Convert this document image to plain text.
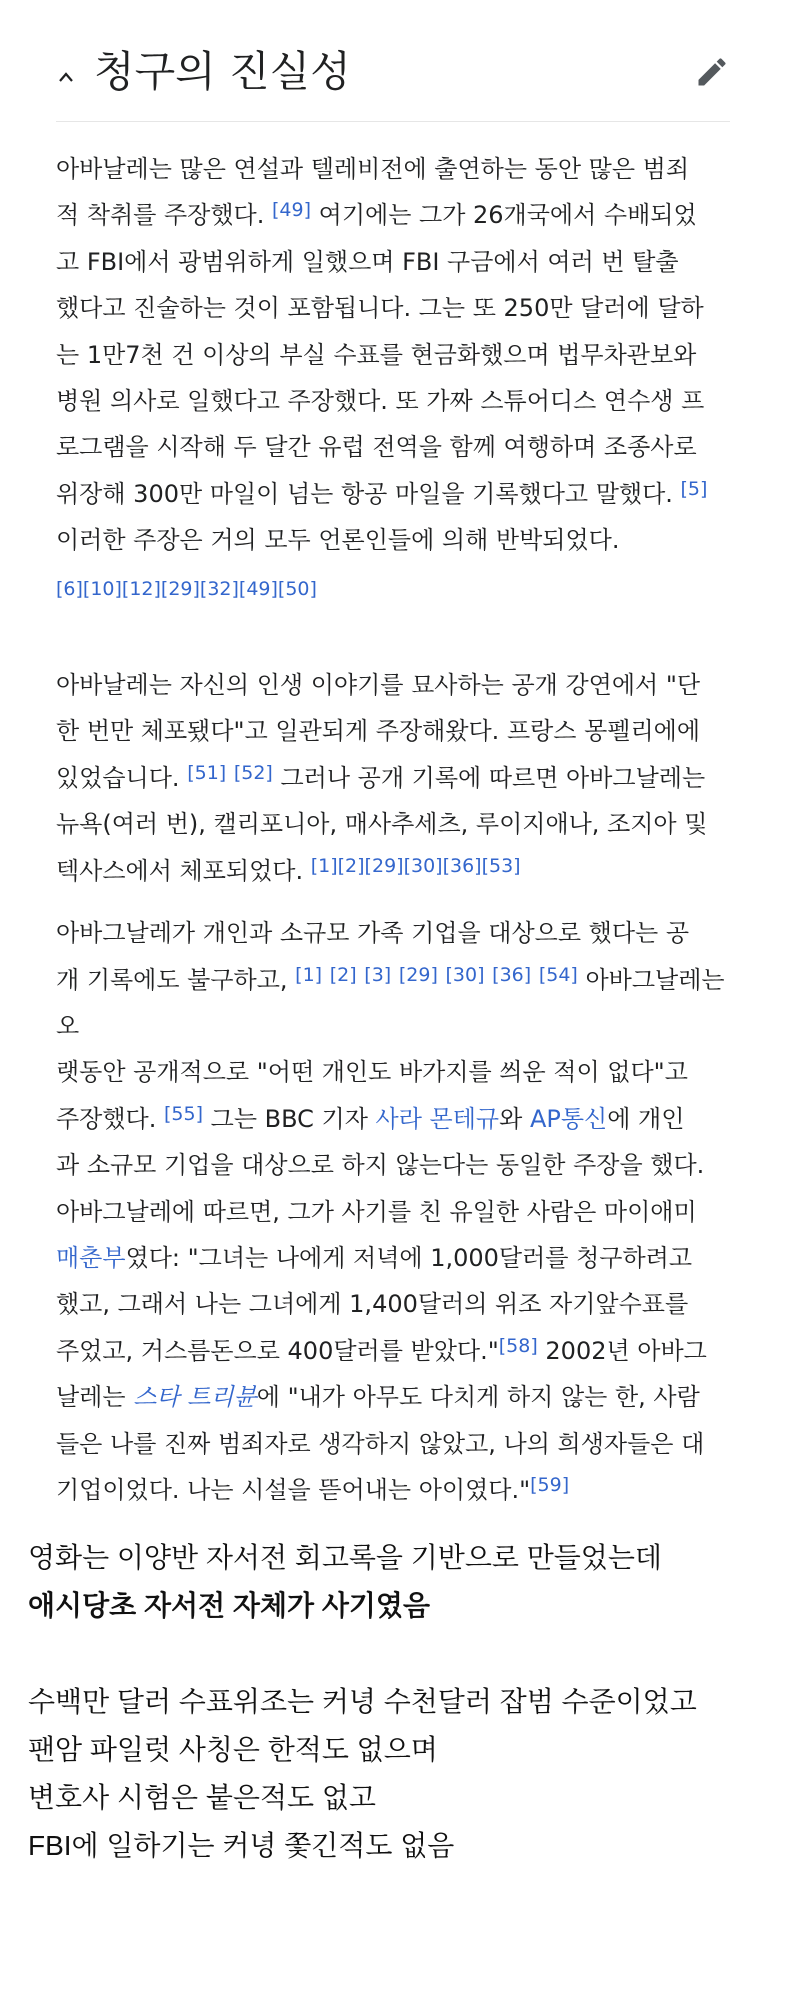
청구의 진실성

아바날레는 많은 연설과 텔레비전에 출연하는 동안 많은 범죄
적 착취를 주장했다. [49] 여기에는 그가 26개국에서 수배되었
고 FBI에서 광범위하게 일했으며 FBI 구금에서 여러 번 탈출
했다고 진술하는 것이 포함됩니다. 그는 또 250만 달러에 달하
는 1만7천 건 이상의 부실 수표를 현금화했으며 법무차관보와
병원 의사로 일했다고 주장했다. 또 가짜 스튜어디스 연수생 프
로그램을 시작해 두 달간 유럽 전역을 함께 여행하며 조종사로
위장해 300만 마일이 넘는 항공 마일을 기록했다고 말했다. [5]
이러한 주장은 거의 모두 언론인들에 의해 반박되었다.
[6][10][12][29][32][49][50]

아바날레는 자신의 인생 이야기를 묘사하는 공개 강연에서 "단
한 번만 체포됐다"고 일관되게 주장해왔다. 프랑스 몽펠리에에
있었습니다. [51] [52] 그러나 공개 기록에 따르면 아바그날레는
뉴욕(여러 번), 캘리포니아, 매사추세츠, 루이지애나, 조지아 및
텍사스에서 체포되었다. [1][2][29][30][36][53]

아바그날레가 개인과 소규모 가족 기업을 대상으로 했다는 공
개 기록에도 불구하고, [1] [2] [3] [29] [30] [36] [54] 아바그날레는 오
랫동안 공개적으로 "어떤 개인도 바가지를 씌운 적이 없다"고
주장했다. [55] 그는 BBC 기자 사라 몬테규와 AP통신에 개인
과 소규모 기업을 대상으로 하지 않는다는 동일한 주장을 했다.
아바그날레에 따르면, 그가 사기를 친 유일한 사람은 마이애미
매춘부였다: "그녀는 나에게 저녁에 1,000달러를 청구하려고
했고, 그래서 나는 그녀에게 1,400달러의 위조 자기앞수표를
주었고, 거스름돈으로 400달러를 받았다."[58] 2002년 아바그
날레는 스타 트리뷴에 "내가 아무도 다치게 하지 않는 한, 사람
들은 나를 진짜 범죄자로 생각하지 않았고, 나의 희생자들은 대
기업이었다. 나는 시설을 뜯어내는 아이였다."[59]

영화는 이양반 자서전 회고록을 기반으로 만들었는데
애시당초 자서전 자체가 사기였음
수백만 달러 수표위조는 커녕 수천달러 잡범 수준이었고
팬암 파일럿 사칭은 한적도 없으며
변호사 시험은 붙은적도 없고
FBI에 일하기는 커녕 쫓긴적도 없음
